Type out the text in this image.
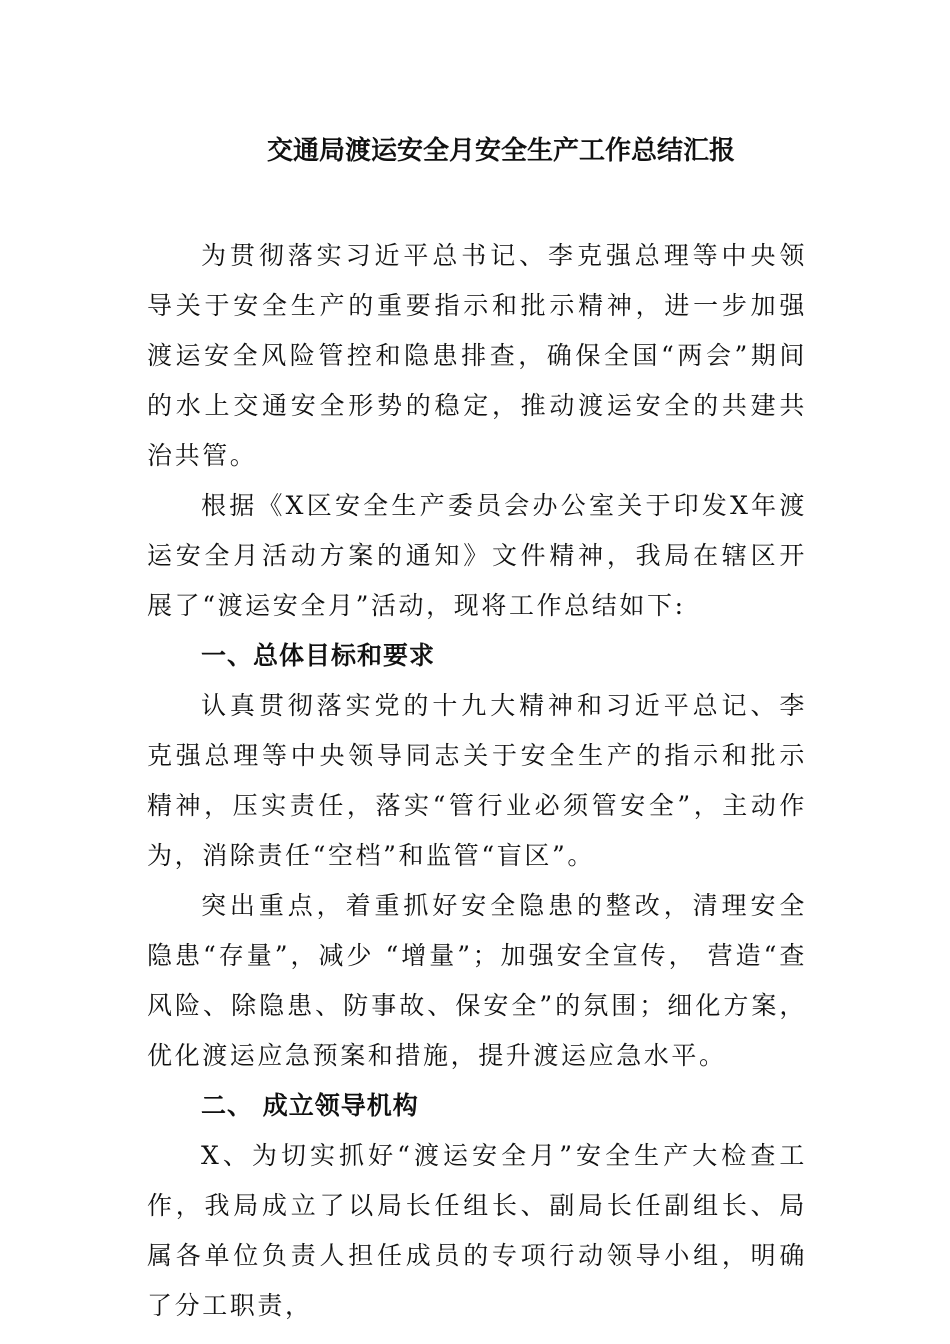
交通局渡运安全月安全生产工作总结汇报

为贯彻落实习近平总书记、李克强总理等中央领导关于安全生产的重要指示和批示精神，进一步加强渡运安全风险管控和隐患排查，确保全国“两会”期间的水上交通安全形势的稳定，推动渡运安全的共建共治共管。

根据《X区安全生产委员会办公室关于印发X年渡运安全月活动方案的通知》文件精神，我局在辖区开展了“渡运安全月”活动，现将工作总结如下:

一、总体目标和要求

认真贯彻落实党的十九大精神和习近平总记、李克强总理等中央领导同志关于安全生产的指示和批示精神，压实责任，落实“管行业必须管安全”，主动作为，消除责任“空档”和监管“盲区”。

突出重点，着重抓好安全隐患的整改，清理安全隐患“存量”，减少 “增量”；加强安全宣传， 营造“查风险、除隐患、防事故、保安全”的氛围；细化方案，优化渡运应急预案和措施，提升渡运应急水平。

二、 成立领导机构

X、为切实抓好“渡运安全月”安全生产大检查工作，我局成立了以局长任组长、副局长任副组长、局属各单位负责人担任成员的专项行动领导小组，明确了分工职责，
